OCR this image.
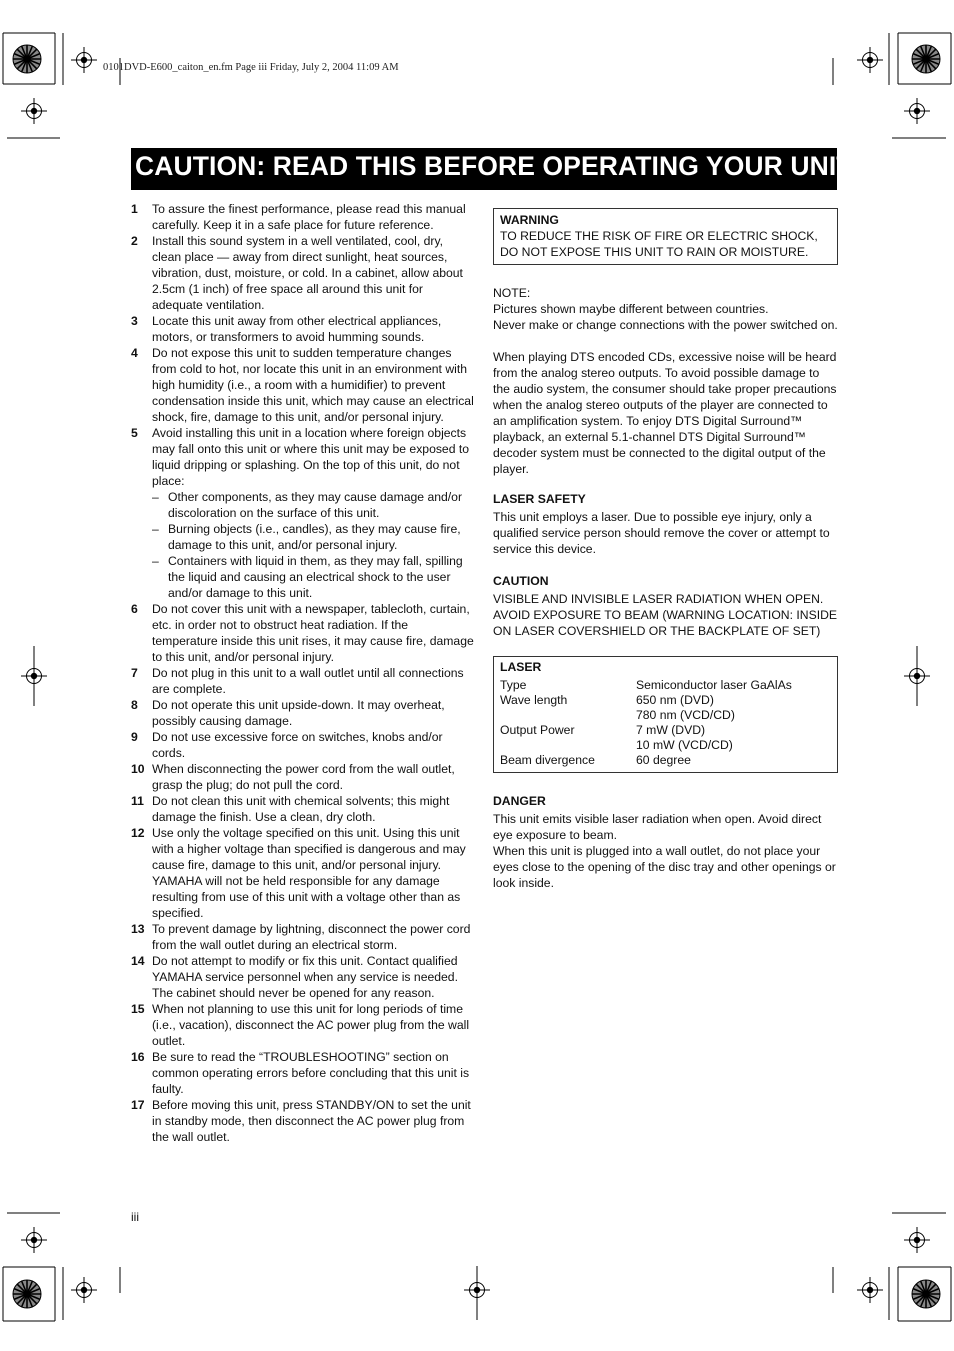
0101DVD-E600_caiton_en.fm Page iii Friday, July 2, 2004 11:09 AM
CAUTION: READ THIS BEFORE OPERATING YOUR UNIT.
1 To assure the finest performance, please read this manual carefully. Keep it in a safe place for future reference.
2 Install this sound system in a well ventilated, cool, dry, clean place — away from direct sunlight, heat sources, vibration, dust, moisture, or cold. In a cabinet, allow about 2.5cm (1 inch) of free space all around this unit for adequate ventilation.
3 Locate this unit away from other electrical appliances, motors, or transformers to avoid humming sounds.
4 Do not expose this unit to sudden temperature changes from cold to hot, nor locate this unit in an environment with high humidity (i.e., a room with a humidifier) to prevent condensation inside this unit, which may cause an electrical shock, fire, damage to this unit, and/or personal injury.
5 Avoid installing this unit in a location where foreign objects may fall onto this unit or where this unit may be exposed to liquid dripping or splashing. On the top of this unit, do not place:
– Other components, as they may cause damage and/or discoloration on the surface of this unit.
– Burning objects (i.e., candles), as they may cause fire, damage to this unit, and/or personal injury.
– Containers with liquid in them, as they may fall, spilling the liquid and causing an electrical shock to the user and/or damage to this unit.
6 Do not cover this unit with a newspaper, tablecloth, curtain, etc. in order not to obstruct heat radiation. If the temperature inside this unit rises, it may cause fire, damage to this unit, and/or personal injury.
7 Do not plug in this unit to a wall outlet until all connections are complete.
8 Do not operate this unit upside-down. It may overheat, possibly causing damage.
9 Do not use excessive force on switches, knobs and/or cords.
10 When disconnecting the power cord from the wall outlet, grasp the plug; do not pull the cord.
11 Do not clean this unit with chemical solvents; this might damage the finish. Use a clean, dry cloth.
12 Use only the voltage specified on this unit. Using this unit with a higher voltage than specified is dangerous and may cause fire, damage to this unit, and/or personal injury. YAMAHA will not be held responsible for any damage resulting from use of this unit with a voltage other than as specified.
13 To prevent damage by lightning, disconnect the power cord from the wall outlet during an electrical storm.
14 Do not attempt to modify or fix this unit. Contact qualified YAMAHA service personnel when any service is needed. The cabinet should never be opened for any reason.
15 When not planning to use this unit for long periods of time (i.e., vacation), disconnect the AC power plug from the wall outlet.
16 Be sure to read the “TROUBLESHOOTING” section on common operating errors before concluding that this unit is faulty.
17 Before moving this unit, press STANDBY/ON to set the unit in standby mode, then disconnect the AC power plug from the wall outlet.
WARNING
TO REDUCE THE RISK OF FIRE OR ELECTRIC SHOCK, DO NOT EXPOSE THIS UNIT TO RAIN OR MOISTURE.
NOTE:
Pictures shown maybe different between countries.
Never make or change connections with the power switched on.
When playing DTS encoded CDs, excessive noise will be heard from the analog stereo outputs. To avoid possible damage to the audio system, the consumer should take proper precautions when the analog stereo outputs of the player are connected to an amplification system. To enjoy DTS Digital Surround™ playback, an external 5.1-channel DTS Digital Surround™ decoder system must be connected to the digital output of the player.
LASER SAFETY
This unit employs a laser. Due to possible eye injury, only a qualified service person should remove the cover or attempt to service this device.
CAUTION
VISIBLE AND INVISIBLE LASER RADIATION WHEN OPEN. AVOID EXPOSURE TO BEAM (WARNING LOCATION: INSIDE ON LASER COVERSHIELD OR THE BACKPLATE OF SET)
LASER
Type	Semiconductor laser GaAlAs
Wave length	650 nm (DVD)
780 nm (VCD/CD)
Output Power	7 mW (DVD)
10 mW (VCD/CD)
Beam divergence	60 degree
DANGER
This unit emits visible laser radiation when open. Avoid direct eye exposure to beam.
When this unit is plugged into a wall outlet, do not place your eyes close to the opening of the disc tray and other openings or look inside.
iii
